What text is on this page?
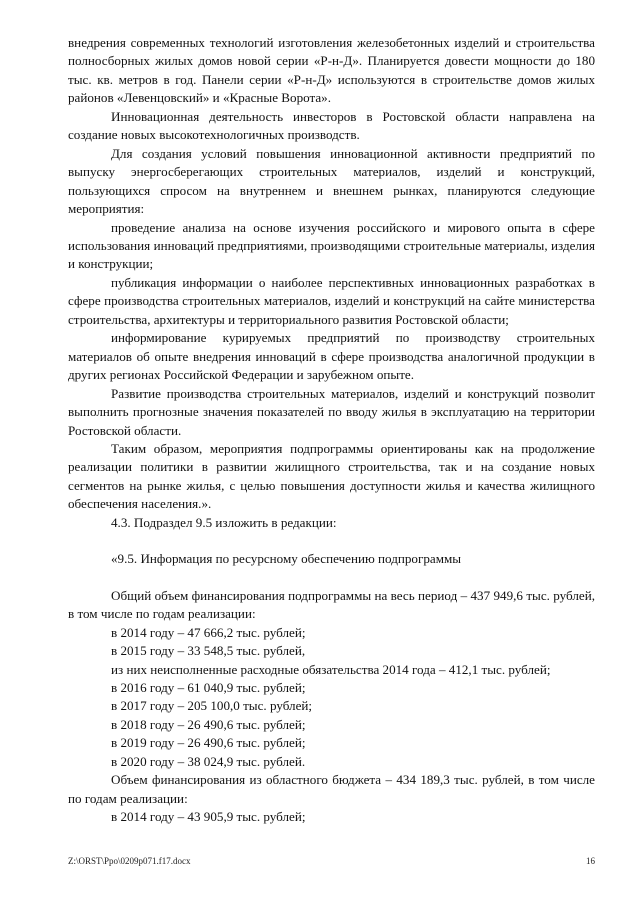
внедрения современных технологий изготовления железобетонных изделий и строительства полносборных жилых домов новой серии «Р-н-Д». Планируется довести мощности до 180 тыс. кв. метров в год. Панели серии «Р-н-Д» используются в строительстве домов жилых районов «Левенцовский» и «Красные Ворота».

Инновационная деятельность инвесторов в Ростовской области направлена на создание новых высокотехнологичных производств.

Для создания условий повышения инновационной активности предприятий по выпуску энергосберегающих строительных материалов, изделий и конструкций, пользующихся спросом на внутреннем и внешнем рынках, планируются следующие мероприятия:

проведение анализа на основе изучения российского и мирового опыта в сфере использования инноваций предприятиями, производящими строительные материалы, изделия и конструкции;

публикация информации о наиболее перспективных инновационных разработках в сфере производства строительных материалов, изделий и конструкций на сайте министерства строительства, архитектуры и территориального развития Ростовской области;

информирование курируемых предприятий по производству строительных материалов об опыте внедрения инноваций в сфере производства аналогичной продукции в других регионах Российской Федерации и зарубежном опыте.

Развитие производства строительных материалов, изделий и конструкций позволит выполнить прогнозные значения показателей по вводу жилья в эксплуатацию на территории Ростовской области.

Таким образом, мероприятия подпрограммы ориентированы как на продолжение реализации политики в развитии жилищного строительства, так и на создание новых сегментов на рынке жилья, с целью повышения доступности жилья и качества жилищного обеспечения населения.».

4.3. Подраздел 9.5 изложить в редакции:

«9.5. Информация по ресурсному обеспечению подпрограммы

Общий объем финансирования подпрограммы на весь период – 437 949,6 тыс. рублей, в том числе по годам реализации:

в 2014 году – 47 666,2 тыс. рублей;

в 2015 году – 33 548,5 тыс. рублей,

из них неисполненные расходные обязательства 2014 года – 412,1 тыс. рублей;

в 2016 году – 61 040,9 тыс. рублей;

в 2017 году – 205 100,0 тыс. рублей;

в 2018 году – 26 490,6 тыс. рублей;

в 2019 году – 26 490,6 тыс. рублей;

в 2020 году – 38 024,9 тыс. рублей.

Объем финансирования из областного бюджета – 434 189,3 тыс. рублей, в том числе по годам реализации:

в 2014 году – 43 905,9 тыс. рублей;

Z:\ORST\Ppo\0209p071.f17.docx	16
